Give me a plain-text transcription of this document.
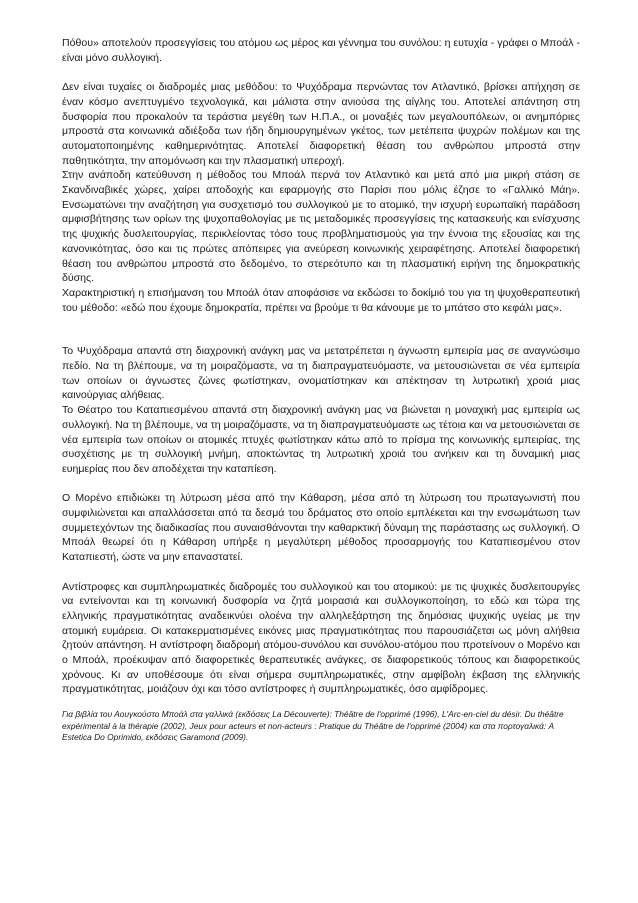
Πόθου» αποτελούν προσεγγίσεις του ατόμου ως μέρος και γέννημα του συνόλου: η ευτυχία - γράφει ο Μποάλ - είναι μόνο συλλογική.

Δεν είναι τυχαίες οι διαδρομές μιας μεθόδου: το Ψυχόδραμα περνώντας τον Ατλαντικό, βρίσκει απήχηση σε έναν κόσμο ανεπτυγμένο τεχνολογικά, και μάλιστα στην ανιούσα της αίγλης του. Αποτελεί απάντηση στη δυσφορία που προκαλούν τα τεράστια μεγέθη των Η.Π.Α., οι μοναξιές των μεγαλουπόλεων, οι ανημπόριες μπροστά στα κοινωνικά αδιέξοδα των ήδη δημιουργημένων γκέτος, των μετέπειτα ψυχρών πολέμων και της αυτοματοποιημένης καθημερινότητας. Αποτελεί διαφορετική θέαση του ανθρώπου μπροστά στην παθητικότητα, την απομόνωση και την πλασματική υπεροχή.

Στην ανάποδη κατεύθυνση η μέθοδος του Μποάλ περνά τον Ατλαντικό και μετά από μια μικρή στάση σε Σκανδιναβικές χώρες, χαίρει αποδοχής και εφαρμογής στο Παρίσι που μόλις έζησε το «Γαλλικό Μάη». Ενσωματώνει την αναζήτηση για συσχετισμό του συλλογικού με το ατομικό, την ισχυρή ευρωπαϊκή παράδοση αμφισβήτησης των ορίων της ψυχοπαθολογίας με τις μεταδομικές προσεγγίσεις της κατασκευής και ενίσχυσης της ψυχικής δυσλειτουργίας, περικλείοντας τόσο τους προβληματισμούς για την έννοια της εξουσίας και της κανονικότητας, όσο και τις πρώτες απόπειρες για ανεύρεση κοινωνικής χειραφέτησης. Αποτελεί διαφορετική θέαση του ανθρώπου μπροστά στο δεδομένο, το στερεότυπο και τη πλασματική ειρήνη της δημοκρατικής δύσης.

Χαρακτηριστική η επισήμανση του Μποάλ όταν αποφάσισε να εκδώσει το δοκίμιό του για τη ψυχοθεραπευτική του μέθοδο: «εδώ που έχουμε δημοκρατία, πρέπει να βρούμε τι θα κάνουμε με το μπάτσο στο κεφάλι μας».

Το Ψυχόδραμα απαντά στη διαχρονική ανάγκη μας να μετατρέπεται η άγνωστη εμπειρία μας σε αναγνώσιμο πεδίο. Να τη βλέπουμε, να τη μοιραζόμαστε, να τη διαπραγματευόμαστε, να μετουσιώνεται σε νέα εμπειρία των οποίων οι άγνωστες ζώνες φωτίστηκαν, ονοματίστηκαν και απέκτησαν τη λυτρωτική χροιά μιας καινούργιας αλήθειας.

Το Θέατρο του Καταπιεσμένου απαντά στη διαχρονική ανάγκη μας να βιώνεται η μοναχική μας εμπειρία ως συλλογική. Να τη βλέπουμε, να τη μοιραζόμαστε, να τη διαπραγματευόμαστε ως τέτοια και να μετουσιώνεται σε νέα εμπειρία των οποίων οι ατομικές πτυχές φωτίστηκαν κάτω από το πρίσμα της κοινωνικής εμπειρίας, της συσχέτισης με τη συλλογική μνήμη, αποκτώντας τη λυτρωτική χροιά του ανήκειν και τη δυναμική μιας ευημερίας που δεν αποδέχεται την καταπίεση.

Ο Μορένο επιδιώκει τη λύτρωση μέσα από την Κάθαρση, μέσα από τη λύτρωση του πρωταγωνιστή που συμφιλιώνεται και απαλλάσσεται από τα δεσμά του δράματος στο οποίο εμπλέκεται και την ενσωμάτωση των συμμετεχόντων της διαδικασίας που συναισθάνονται την καθαρκτική δύναμη της παράστασης ως συλλογική. Ο Μποάλ θεωρεί ότι η Κάθαρση υπήρξε η μεγαλύτερη μέθοδος προσαρμογής του Καταπιεσμένου στον Καταπιεστή, ώστε να μην επαναστατεί.

Αντίστροφες και συμπληρωματικές διαδρομές του συλλογικού και του ατομικού: με τις ψυχικές δυσλειτουργίες να εντείνονται και τη κοινωνική δυσφορία να ζητά μοιρασιά και συλλογικοποίηση, το εδώ και τώρα της ελληνικής πραγματικότητας αναδεικνύει ολοένα την αλληλεξάρτηση της δημόσιας ψυχικής υγείας με την ατομική ευμάρεια. Οι κατακερματισμένες εικόνες μιας πραγματικότητας που παρουσιάζεται ως μόνη αλήθεια ζητούν απάντηση. Η αντίστροφη διαδρομή ατόμου-συνόλου και συνόλου-ατόμου που προτείνουν ο Μορένο και ο Μποάλ, προέκυψαν από διαφορετικές θεραπευτικές ανάγκες, σε διαφορετικούς τόπους και διαφορετικούς χρόνους. Κι αν υποθέσουμε ότι είναι σήμερα συμπληρωματικές, στην αμφίβολη έκβαση της ελληνικής πραγματικότητας, μοιάζουν όχι και τόσο αντίστροφες ή συμπληρωματικές, όσο αμφίδρομες.

Για βιβλία του Αουγκούστο Μποάλ στα γαλλικά (εκδόσεις La Découverte): Théâtre de l'opprimé (1996), L'Arc-en-ciel du désir. Du théâtre expérimental à la thérapie (2002), Jeux pour acteurs et non-acteurs : Pratique du Théâtre de l'opprimé (2004) και στα πορτογαλικά: A Estetica Do Oprimido, εκδόσεις Garamond (2009).
